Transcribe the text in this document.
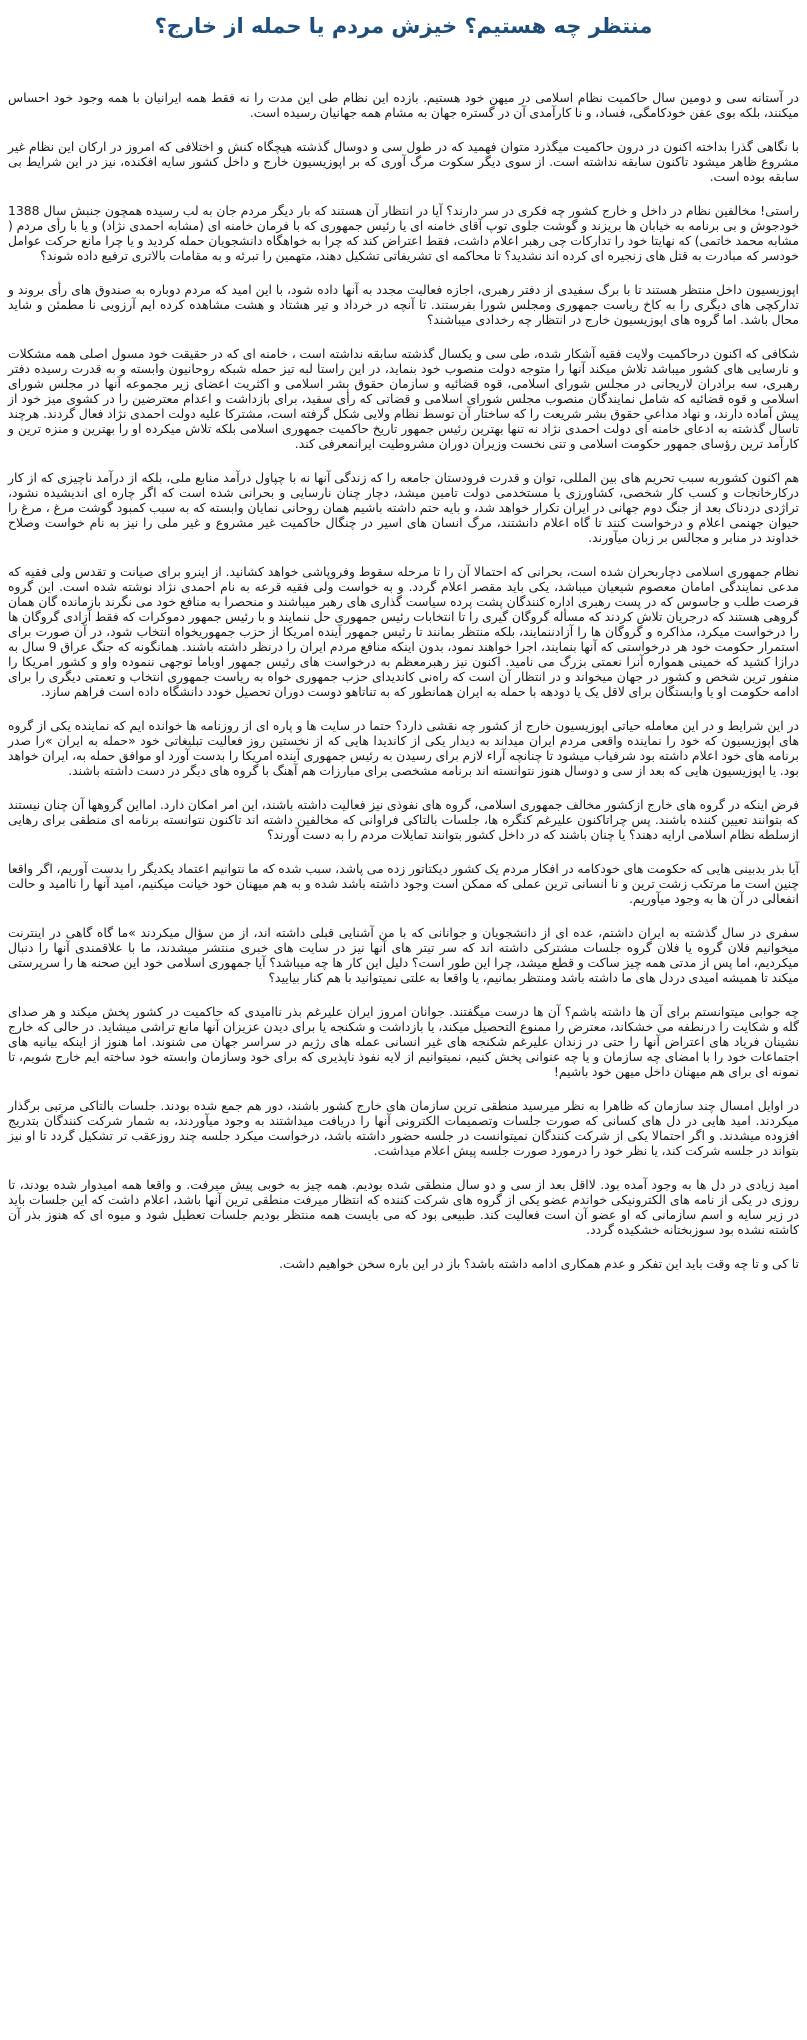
منتظر چه هستیم؟ خیزش مردم یا حمله از خارج؟

در آستانه سی و دومین سال حاکمیت نظام اسلامی در میهن خود هستیم. بازده این نظام طی این مدت را نه فقط همه ایرانیان با همه وجود خود احساس میکنند، بلکه بوی عفن خودکامگی، فساد، و نا کارآمدی آن در گستره جهان به مشام همه جهانیان رسیده است.

با نگاهی گذرا بداخته اکنون در درون حاکمیت میگذرد متوان فهمید که در طول سی و دوسال گذشته هیچگاه کنش و اختلافی که امروز در ارکان این نظام غیر مشروع ظاهر میشود تاکنون سابقه نداشته است. از سوی دیگر سکوت مرگ آوری که بر اپوزیسیون خارج و داخل کشور سایه افکنده، نیز در این شرایط بی سابقه بوده است.

راستی! مخالفین نظام در داخل و خارج کشور چه فکری در سر دارند؟ آیا در انتظار آن هستند که بار دیگر مردم جان به لب رسیده همچون جنبش سال 1388 خودجوش و بی برنامه به خیابان ها بریزند و گوشت جلوی توپ آقای خامنه ای یا رئیس جمهوری که با فرمان خامنه ای (مشابه احمدی نژاد) و یا با رأی مردم ( مشابه محمد خاتمی) که نهایتا خود را تدارکات چی رهبر اعلام داشت، فقط اعتراض کند که چرا به خواهگاه دانشجویان حمله کردید و یا چرا مانع حرکت عوامل خودسر که مبادرت به قتل های زنجیره ای کرده اند نشدید؟ تا محاکمه ای تشریفاتی تشکیل دهند، متهمین را تبرئه و به مقامات بالاتری ترفیع داده شوند؟

اپوزیسیون داخل منتظر هستند تا با برگ سفیدی از دفتر رهبری، اجازه فعالیت مجدد به آنها داده شود، با این امید که مردم دوباره به صندوق های رأی بروند و تداركچی های دیگری را به کاخ ریاست جمهوری ومجلس شورا بفرستند. تا آنچه در خرداد و تیر هشتاد و هشت مشاهده کرده ایم آرزویی نا مطمئن و شاید محال باشد. اما گروه های اپوزیسیون خارج در انتظار چه رخدادی میباشند؟

شکافی که اکنون درحاکمیت ولایت فقیه آشکار شده، طی سی و یکسال گذشته سابقه نداشته است ، خامنه ای که در حقیقت خود مسول اصلی همه مشکلات و نارسایی های کشور میباشد تلاش میکند آنها را متوجه دولت منصوب خود بنماید، در این راستا لبه تیز حمله شبکه روحانیون وابسته و به قدرت رسیده دفتر رهبری، سه برادران لاریجانی در مجلس شورای اسلامی، قوه قضائیه و سازمان حقوق بشر اسلامی و اکثریت اعضای زیر مجموعه آنها در مجلس شورای اسلامی و قوه قضائیه که شامل نمایندگان منصوب مجلس شورای اسلامی و قضاتی که رأی سفید، برای بازداشت و اعدام معترضین را در کشوی میز خود از پیش آماده دارند، و نهاد مداعیِ حقوق بشر شریعت را که ساختار آن توسط نظام ولایی شکل گرفته است، مشترکا علیه دولت احمدی نژاد فعال گردند. هرچند تاسال گذشته به ادعای خامنه ای دولت احمدی نژاد نه تنها بهترین رئیس جمهور تاریخ حاکمیت جمهوری اسلامی بلکه تلاش میکرده او را بهترین و منزه ترین و کارآمد ترین رؤسای جمهور حکومت اسلامی و تنی نخست وزیران دوران مشروطیت ایرانمعرفی کند.

هم اکنون کشوربه سبب تحریم های بین المللی، توان و قدرت فرودستان جامعه را که زندگی آنها نه با چپاول درآمد منابع ملی، بلکه از درآمد ناچیزی که از کار دركارخانجات و کسب کار شخصی، کشاورزی یا مستخدمی دولت تامین میشد، دچار چنان نارسایی و بحرانی شده است که اگر چاره ای اندیشیده نشود، تراژدی دردناک بعد از جنگ دوم جهانی در ایران تکرار خواهد شد، و بایه حتم داشته باشیم همان روحانی نمایان وابسته که به سبب کمبود گوشت مرغ ، مرغ را حیوان جهنمی اعلام و درخواست کنند تا گاه اعلام دانشتند، مرگ انسان های اسیر در چنگال حاکمیت غیر مشروع و غیر ملی را نیز به نام خواست وصلاح خداوند در منابر و مجالس بر زبان میآورند.

نظام جمهوری اسلامی دچاربحران شده است، بحرانی که احتمالا آن را تا مرحله سقوط وفروپاشی خواهد کشانید. از اینرو برای صیانت و تقدس ولی فقیه که مدعی نمایندگی امامان معصوم شیعیان میباشد، یکی باید مقصر اعلام گردد. و به خواست ولی فقیه قرعه به نام احمدی نژاد نوشته شده است. این گروه فرصت طلب و جاسوس که در پست رهبری اداره کنندگان پشت پرده سیاست گذاری های رهبر میباشند و منحصرا به منافع خود می نگرند بازمانده گان همان گروهی هستند که درجریان تلاش کردند که مسأله گروگان گیری را تا انتخابات رئیس جمهوری حل ننمایند و با رئیس جمهور دموکرات که فقط آزادی گروگان ها را درخواست میکرد، مذاکره و گروگان ها را آزادننمایند، بلکه منتظر بمانند تا رئیس جمهور آینده امریکا از حزب جمهوریخواه انتخاب شود، در آن صورت برای استمرار حکومت خود هر درخواستی که آنها بنمایند، اجرا خواهند نمود، بدون اینکه منافع مردم ایران را درنظر داشته باشند. همانگونه که جنگ عراق 9 سال به درازا کشید که خمینی همواره آنرا نعمتی بزرگ می نامید. اکنون نیز رهبرمعظم به درخواست های رئیس جمهور اوباما توجهی ننموده واو و کشور امریکا را منفور ترین شخص و کشور در جهان میخواند و در انتظار آن است که راه‌نی کاندیدای حزب جمهوری خواه به ریاست جمهوری انتخاب و تعمتی دیگری را برای ادامه حکومت او یا وابستگان برای لاقل یک یا دودهه با حمله به ایران همانطور که به تناتاهو دوست دوران تحصیل خودد دانشگاه داده است فراهم سازد.

در این شرایط و در این معامله حیاتی اپوزیسیون خارج از کشور چه نقشی دارد؟ حتما در سایت ها و پاره ای از روزنامه ها خوانده ایم که نماینده یکی از گروه های اپوزیسیون که خود را نماینده واقعی مردم ایران میداند به دیدار یکی از کاندیدا هایی که از نخستین روز فعالیت تبلیغاتی خود «حمله به ایران »را صدر برنامه های خود اعلام داشته بود شرفیاب میشود تا چنانچه آراء لازم برای رسیدن به رئیس جمهوری آینده امریکا را بدست آورد او موافق حمله به، ایران خواهد بود. یا اپوزیسیون هایی که بعد از سی و دوسال هنوز نتوانسته اند برنامه مشخصی برای مبارزات هم آهنگ با گروه های دیگر در دست داشته باشند.

فرض اینکه در گروه های خارج ازکشور مخالف جمهوری اسلامی، گروه های نفوذی نیز فعالیت داشته باشند، این امر امکان دارد. امااین گروهها آن چنان نیستند که بتوانند تعیین کننده باشند. پس چراتاکنون علیرغم کنگره ها، جلسات بالتاکی فراوانی که مخالفین داشته اند تاکنون نتوانسته برنامه ای منطقی برای رهایی ازسلطه نظام اسلامی ارایه دهند؟ یا چنان باشند که در داخل کشور بتوانند تمایلات مردم را به دست آورند؟

آیا بذر بدبینی هایی که حکومت های خودکامه در افکار مردم یک کشور دیکتاتور زده می پاشد، سبب شده که ما نتوانیم اعتماد یکدیگر را بدست آوریم، اگر واقعا چنین است ما مرتکب زشت ترین و نا انسانی ترین عملی که ممکن است وجود داشته باشد شده و به هم میهنان خود خیانت میکنیم، امید آنها را ناامید و حالت انفعالی در آن ها به وجود میآوریم.

سفری در سال گذشته به ایران داشتم، عده ای از دانشجویان و جوانانی که با من آشنایی قبلی داشته اند، از من سؤال میکردند »ما گاه گاهی در اینترنت میخوانیم فلان گروه یا فلان گروه جلسات مشترکی داشته اند که سر تیتر های آنها نیز در سایت های خبری منتشر میشدند، ما با علاقمندی آنها را دنبال میکردیم، اما پس از مدتی همه چیز ساکت و قطع میشد، چرا این طور است؟ دلیل این کار ها چه میباشد؟ آیا جمهوری اسلامی خود این صحنه ها را سرپرستی میکند تا همیشه امیدی دردل های ما داشته باشد ومنتظر بمانیم، یا واقعا به علتی نمیتوانید با هم کنار بیایید؟

چه جوابی میتوانستم برای آن ها داشته باشم؟ آن ها درست میگفتند. جوانان امروز ایران علیرغم بذر ناامیدی که حاکمیت در کشور پخش میکند و هر صدای گله و شکایت را درنطفه می خشکاند، معترض را ممنوع التحصیل میکند، یا بازداشت و شکنجه یا برای دیدن عزیزان آنها مانع تراشی میشاید. در حالی که خارج نشینان فریاد های اعتراض آنها را حتی در زندان علیرغم شکنجه های غیر انسانی عمله های رژیم در سراسر جهان می شنوند. اما هنوز از اینکه بیانیه های اجتماعات خود را با امضای چه سازمان و یا چه عنوانی پخش کنیم، نمیتوانیم از لایه نفوذ ناپذیری که برای خود وسازمان وابسته خود ساخته ایم خارج شویم، تا نمونه ای برای هم میهنان داخل میهن خود باشیم!

در اوایل امسال چند سازمان که ظاهرا به نظر میرسید منطقی ترین سازمان های خارج کشور باشند، دور هم جمع شده بودند. جلسات بالتاکی مرتبی برگذار میکردند. امید هایی در دل های کسانی که صورت جلسات وتصمیمات الکترونی آنها را دریافت میداشتند به وجود میآوردند، به شمار شرکت کنندگان بتدریج افزوده میشدند. و اگر احتمالا یکی از شرکت کنندگان نمیتوانست در جلسه حضور داشته باشد، درخواست میکرد جلسه چند روزعقب تر تشکیل گردد تا او نیز بتواند در جلسه شرکت کند، یا نظر خود را درمورد صورت جلسه پیش اعلام میداشت.

امید زیادی در دل ها به وجود آمده بود. لااقل بعد از سی و دو سال منطقی شده بودیم. همه چیز به خوبی پیش میرفت. و واقعا همه امیدوار شده بودند، تا روزی در یکی از نامه های الکترونیکی خواندم عضو یکی از گروه های شرکت کننده که انتظار میرفت منطقی ترین آنها باشد، اعلام داشت که این جلسات باید در زیر سایه و اسم سازمانی که او عضو آن است فعالیت کند. طبیعی بود که می بایست همه منتظر بودیم جلسات تعطیل شود و میوه ای که هنوز بذر آن کاشته نشده بود سوزبختانه خشکیده گردد.

تا کی و تا چه وقت باید این تفکر و عدم همکاری ادامه داشته باشد؟ باز در این باره سخن خواهیم داشت.
